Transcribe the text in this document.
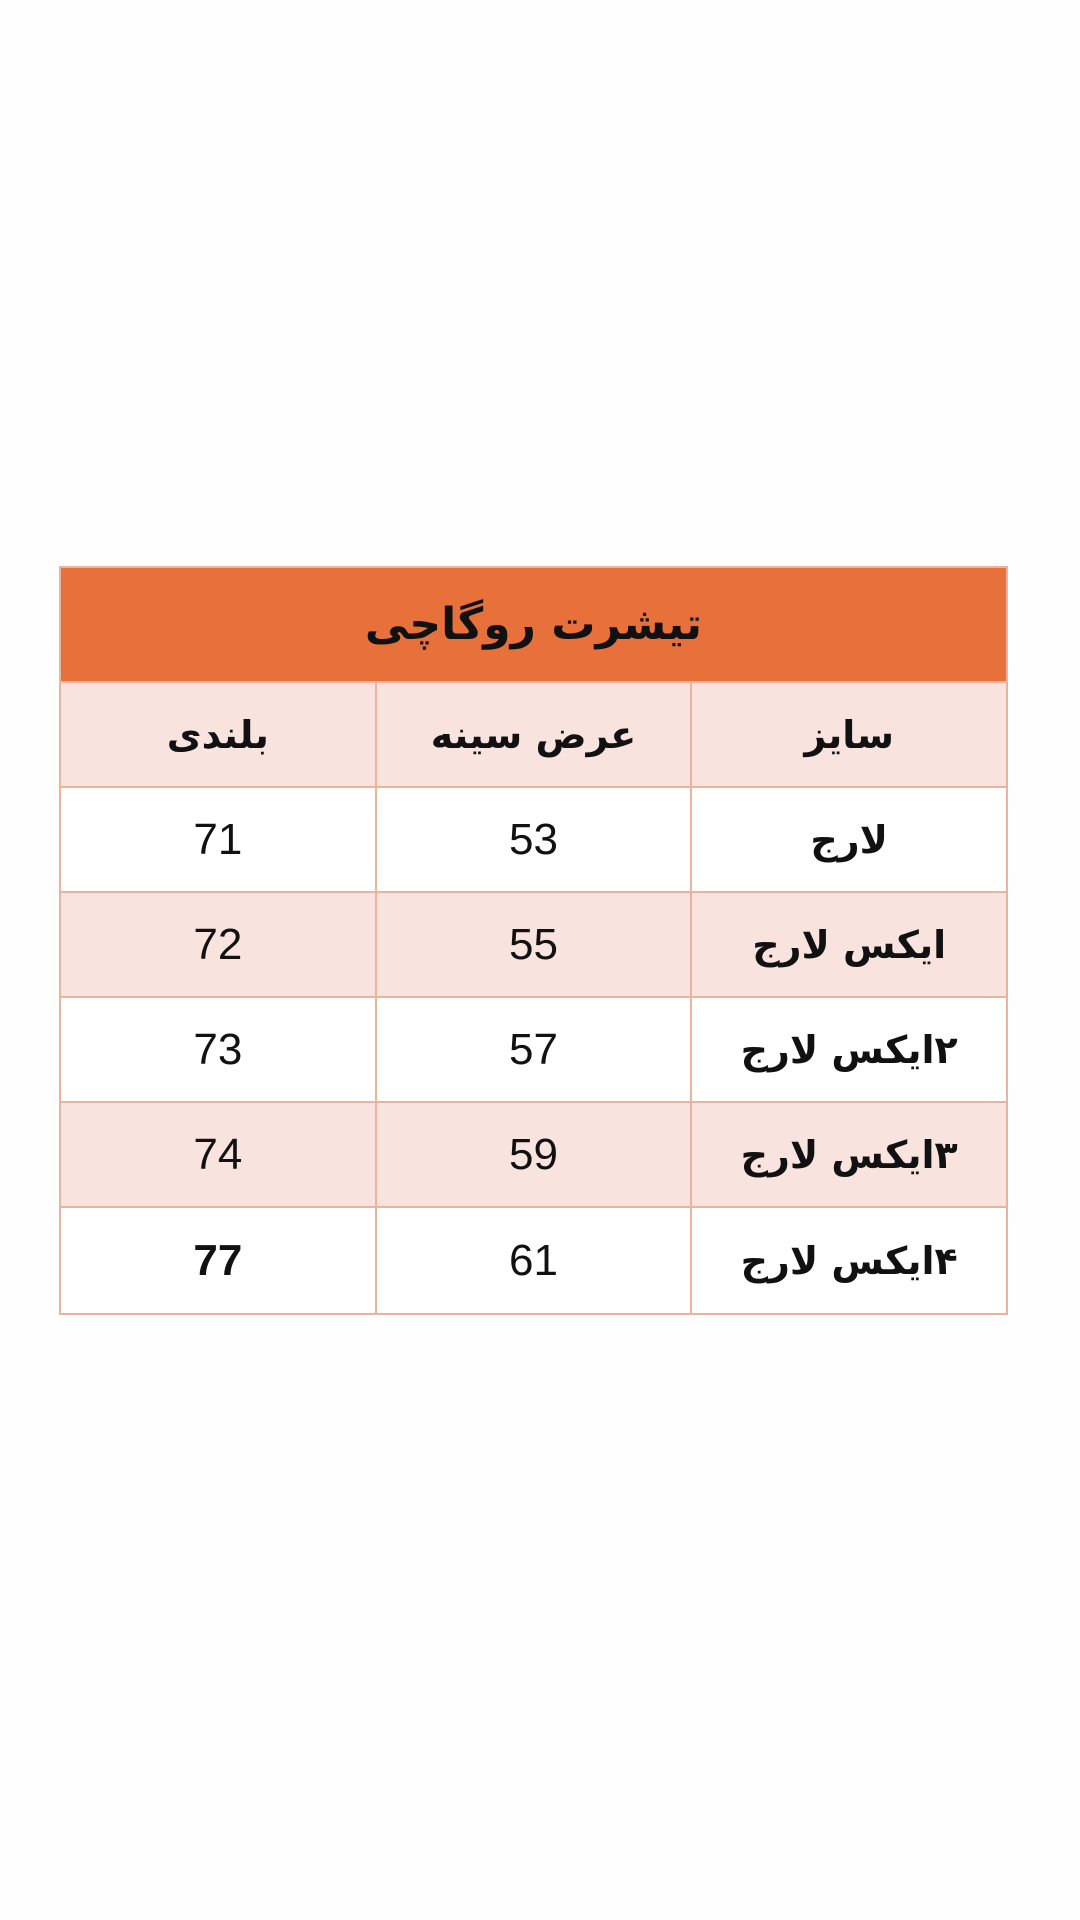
تیشرت روگاچی
سایز
عرض سینه
بلندی
لارج
53
71
ایکس لارج
55
72
۲ایکس لارج
57
73
۳ایکس لارج
59
74
۴ایکس لارج
61
77
